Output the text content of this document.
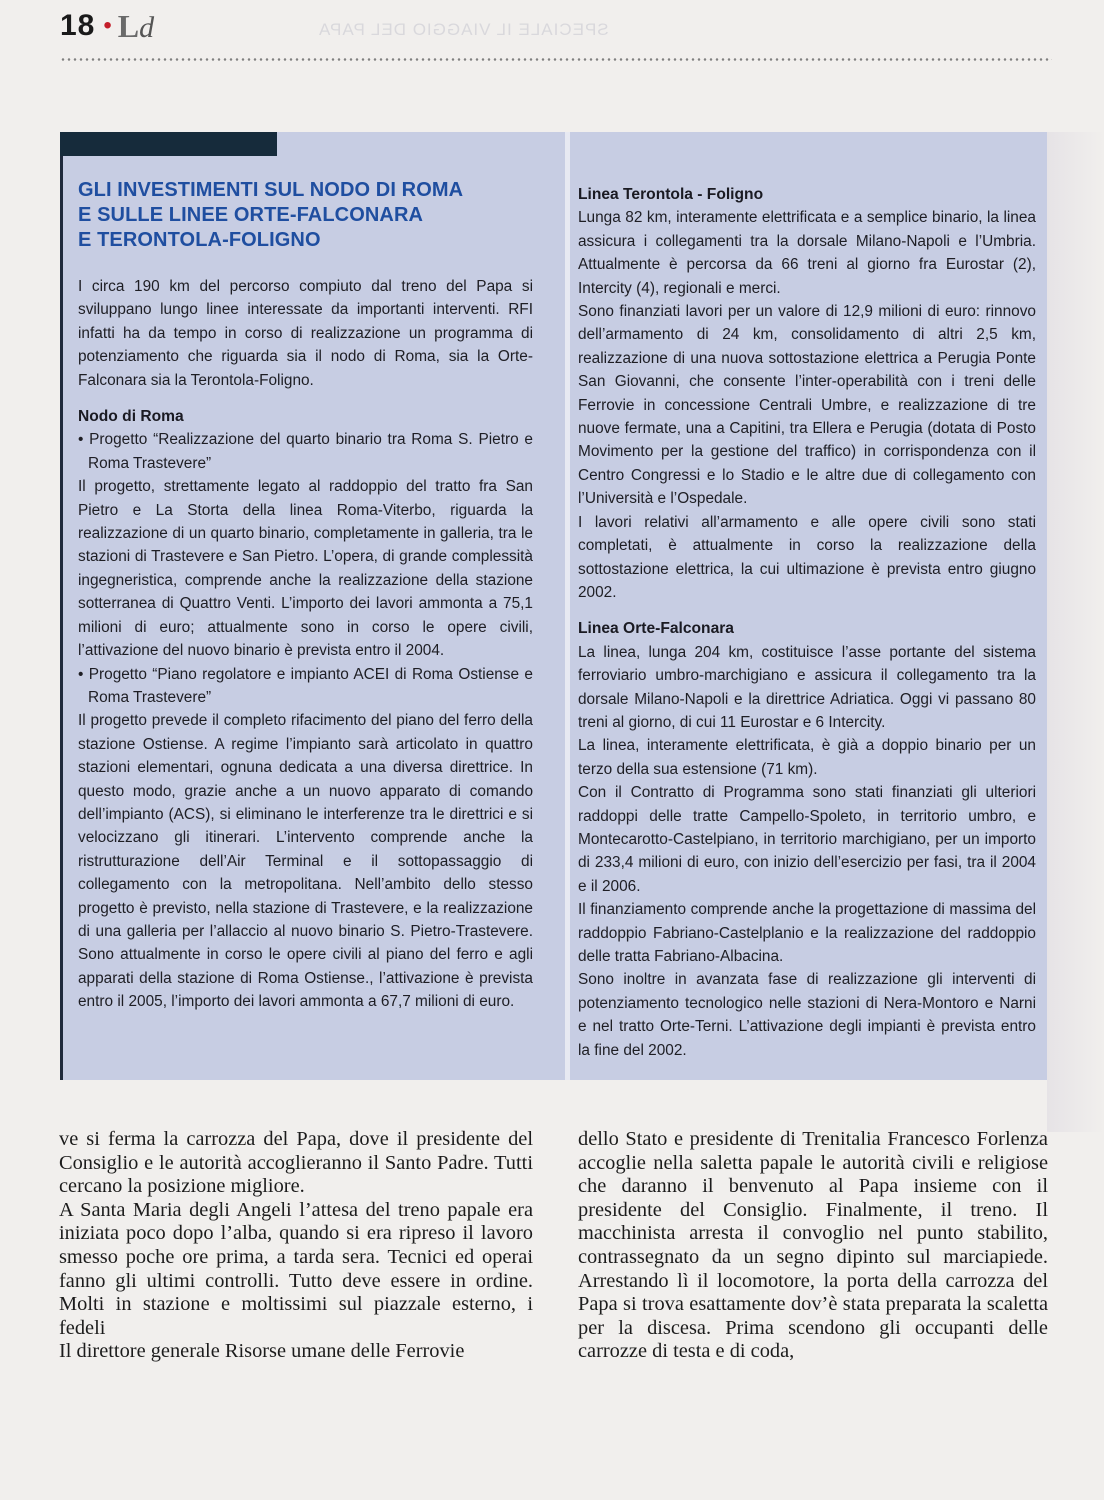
18 • Ld	SPECIALE IL VIAGGIO DEL PAPA
GLI INVESTIMENTI SUL NODO DI ROMA
E SULLE LINEE ORTE-FALCONARA
E TERONTOLA-FOLIGNO

I circa 190 km del percorso compiuto dal treno del Papa si sviluppano lungo linee interessate da importanti interventi. RFI infatti ha da tempo in corso di realizzazione un programma di potenziamento che riguarda sia il nodo di Roma, sia la Orte-Falconara sia la Terontola-Foligno.

Nodo di Roma

• Progetto “Realizzazione del quarto binario tra Roma S. Pietro e Roma Trastevere”

Il progetto, strettamente legato al raddoppio del tratto fra San Pietro e La Storta della linea Roma-Viterbo, riguarda la realizzazione di un quarto binario, completamente in galleria, tra le stazioni di Trastevere e San Pietro. L’opera, di grande complessità ingegneristica, comprende anche la realizzazione della stazione sotterranea di Quattro Venti. L’importo dei lavori ammonta a 75,1 milioni di euro; attualmente sono in corso le opere civili, l’attivazione del nuovo binario è prevista entro il 2004.

• Progetto “Piano regolatore e impianto ACEI di Roma Ostiense e Roma Trastevere”

Il progetto prevede il completo rifacimento del piano del ferro della stazione Ostiense. A regime l’impianto sarà articolato in quattro stazioni elementari, ognuna dedicata a una diversa direttrice. In questo modo, grazie anche a un nuovo apparato di comando dell’impianto (ACS), si eliminano le interferenze tra le direttrici e si velocizzano gli itinerari. L’intervento comprende anche la ristrutturazione dell’Air Terminal e il sottopassaggio di collegamento con la metropolitana. Nell’ambito dello stesso progetto è previsto, nella stazione di Trastevere, e la realizzazione di una galleria per l’allaccio al nuovo binario S. Pietro-Trastevere. Sono attualmente in corso le opere civili al piano del ferro e agli apparati della stazione di Roma Ostiense., l’attivazione è prevista entro il 2005, l’importo dei lavori ammonta a 67,7 milioni di euro.

Linea Terontola - Foligno

Lunga 82 km, interamente elettrificata e a semplice binario, la linea assicura i collegamenti tra la dorsale Milano-Napoli e l’Umbria. Attualmente è percorsa da 66 treni al giorno fra Eurostar (2), Intercity (4), regionali e merci.

Sono finanziati lavori per un valore di 12,9 milioni di euro: rinnovo dell’armamento di 24 km, consolidamento di altri 2,5 km, realizzazione di una nuova sottostazione elettrica a Perugia Ponte San Giovanni, che consente l’inter-operabilità con i treni delle Ferrovie in concessione Centrali Umbre, e realizzazione di tre nuove fermate, una a Capitini, tra Ellera e Perugia (dotata di Posto Movimento per la gestione del traffico) in corrispondenza con il Centro Congressi e lo Stadio e le altre due di collegamento con l’Università e l’Ospedale.

I lavori relativi all’armamento e alle opere civili sono stati completati, è attualmente in corso la realizzazione della sottostazione elettrica, la cui ultimazione è prevista entro giugno 2002.

Linea Orte-Falconara

La linea, lunga 204 km, costituisce l’asse portante del sistema ferroviario umbro-marchigiano e assicura il collegamento tra la dorsale Milano-Napoli e la direttrice Adriatica. Oggi vi passano 80 treni al giorno, di cui 11 Eurostar e 6 Intercity.

La linea, interamente elettrificata, è già a doppio binario per un terzo della sua estensione (71 km).

Con il Contratto di Programma sono stati finanziati gli ulteriori raddoppi delle tratte Campello-Spoleto, in territorio umbro, e Montecarotto-Castelpiano, in territorio marchigiano, per un importo di 233,4 milioni di euro, con inizio dell’esercizio per fasi, tra il 2004 e il 2006.

Il finanziamento comprende anche la progettazione di massima del raddoppio Fabriano-Castelplanio e la realizzazione del raddoppio delle tratta Fabriano-Albacina.

Sono inoltre in avanzata fase di realizzazione gli interventi di potenziamento tecnologico nelle stazioni di Nera-Montoro e Narni e nel tratto Orte-Terni. L’attivazione degli impianti è prevista entro la fine del 2002.

ve si ferma la carrozza del Papa, dove il presidente del Consiglio e le autorità accoglieranno il Santo Padre. Tutti cercano la posizione migliore.

A Santa Maria degli Angeli l’attesa del treno papale era iniziata poco dopo l’alba, quando si era ripreso il lavoro smesso poche ore prima, a tarda sera. Tecnici ed operai fanno gli ultimi controlli. Tutto deve essere in ordine. Molti in stazione e moltissimi sul piazzale esterno, i fedeli

Il direttore generale Risorse umane delle Ferrovie

dello Stato e presidente di Trenitalia Francesco Forlenza accoglie nella saletta papale le autorità civili e religiose che daranno il benvenuto al Papa insieme con il presidente del Consiglio. Finalmente, il treno. Il macchinista arresta il convoglio nel punto stabilito, contrassegnato da un segno dipinto sul marciapiede. Arrestando lì il locomotore, la porta della carrozza del Papa si trova esattamente dov’è stata preparata la scaletta per la discesa. Prima scendono gli occupanti delle carrozze di testa e di coda,
